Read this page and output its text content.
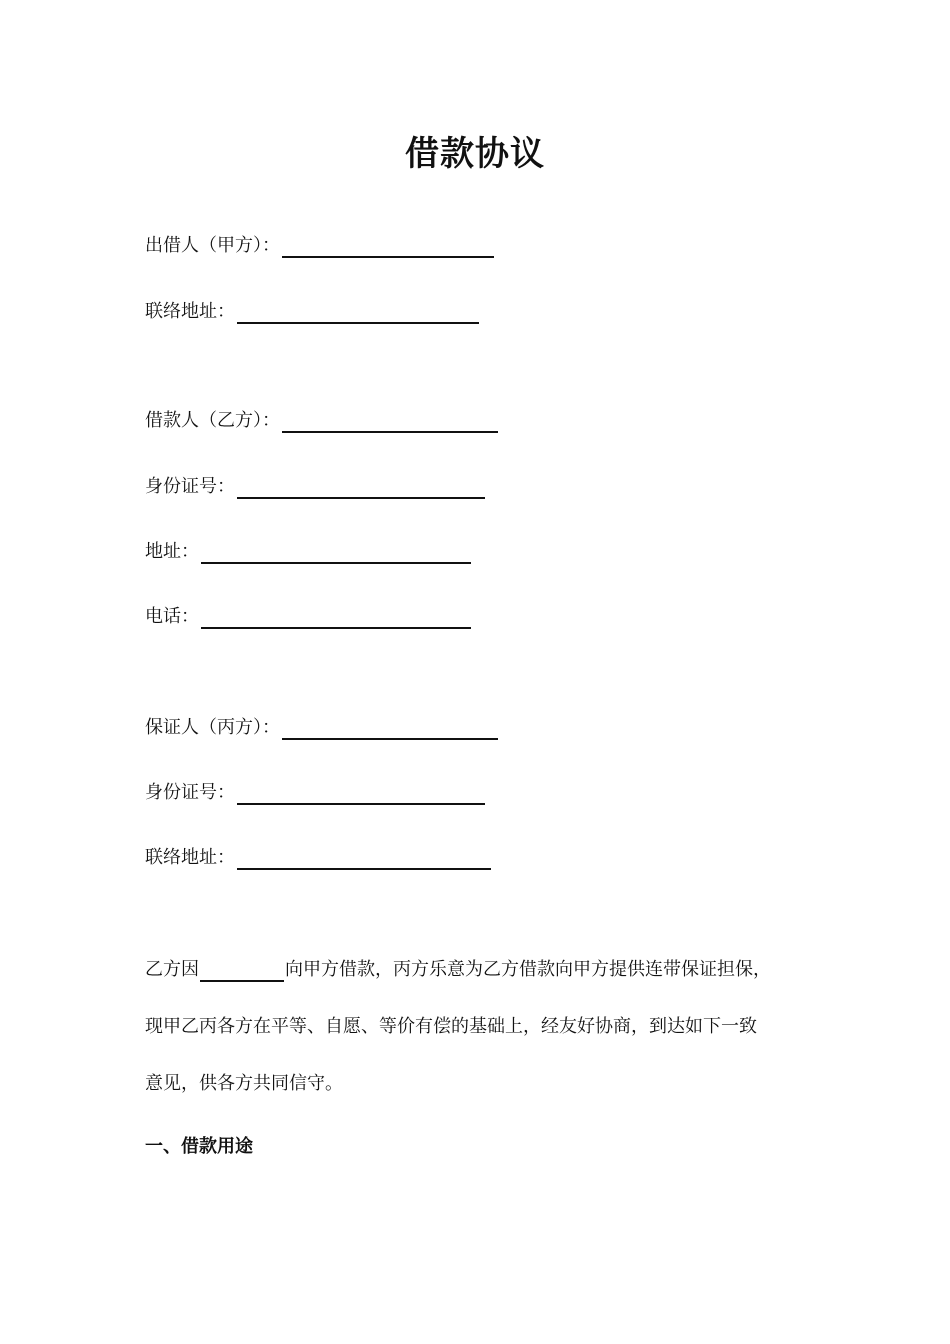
借款协议
出借人（甲方）：
联络地址：
借款人（乙方）：
身份证号：
地址：
电话：
保证人（丙方）：
身份证号：
联络地址：
乙方因	向甲方借款，丙方乐意为乙方借款向甲方提供连带保证担保，
现甲乙丙各方在平等、自愿、等价有偿的基础上，经友好协商，到达如下一致
意见，供各方共同信守。
一、借款用途
